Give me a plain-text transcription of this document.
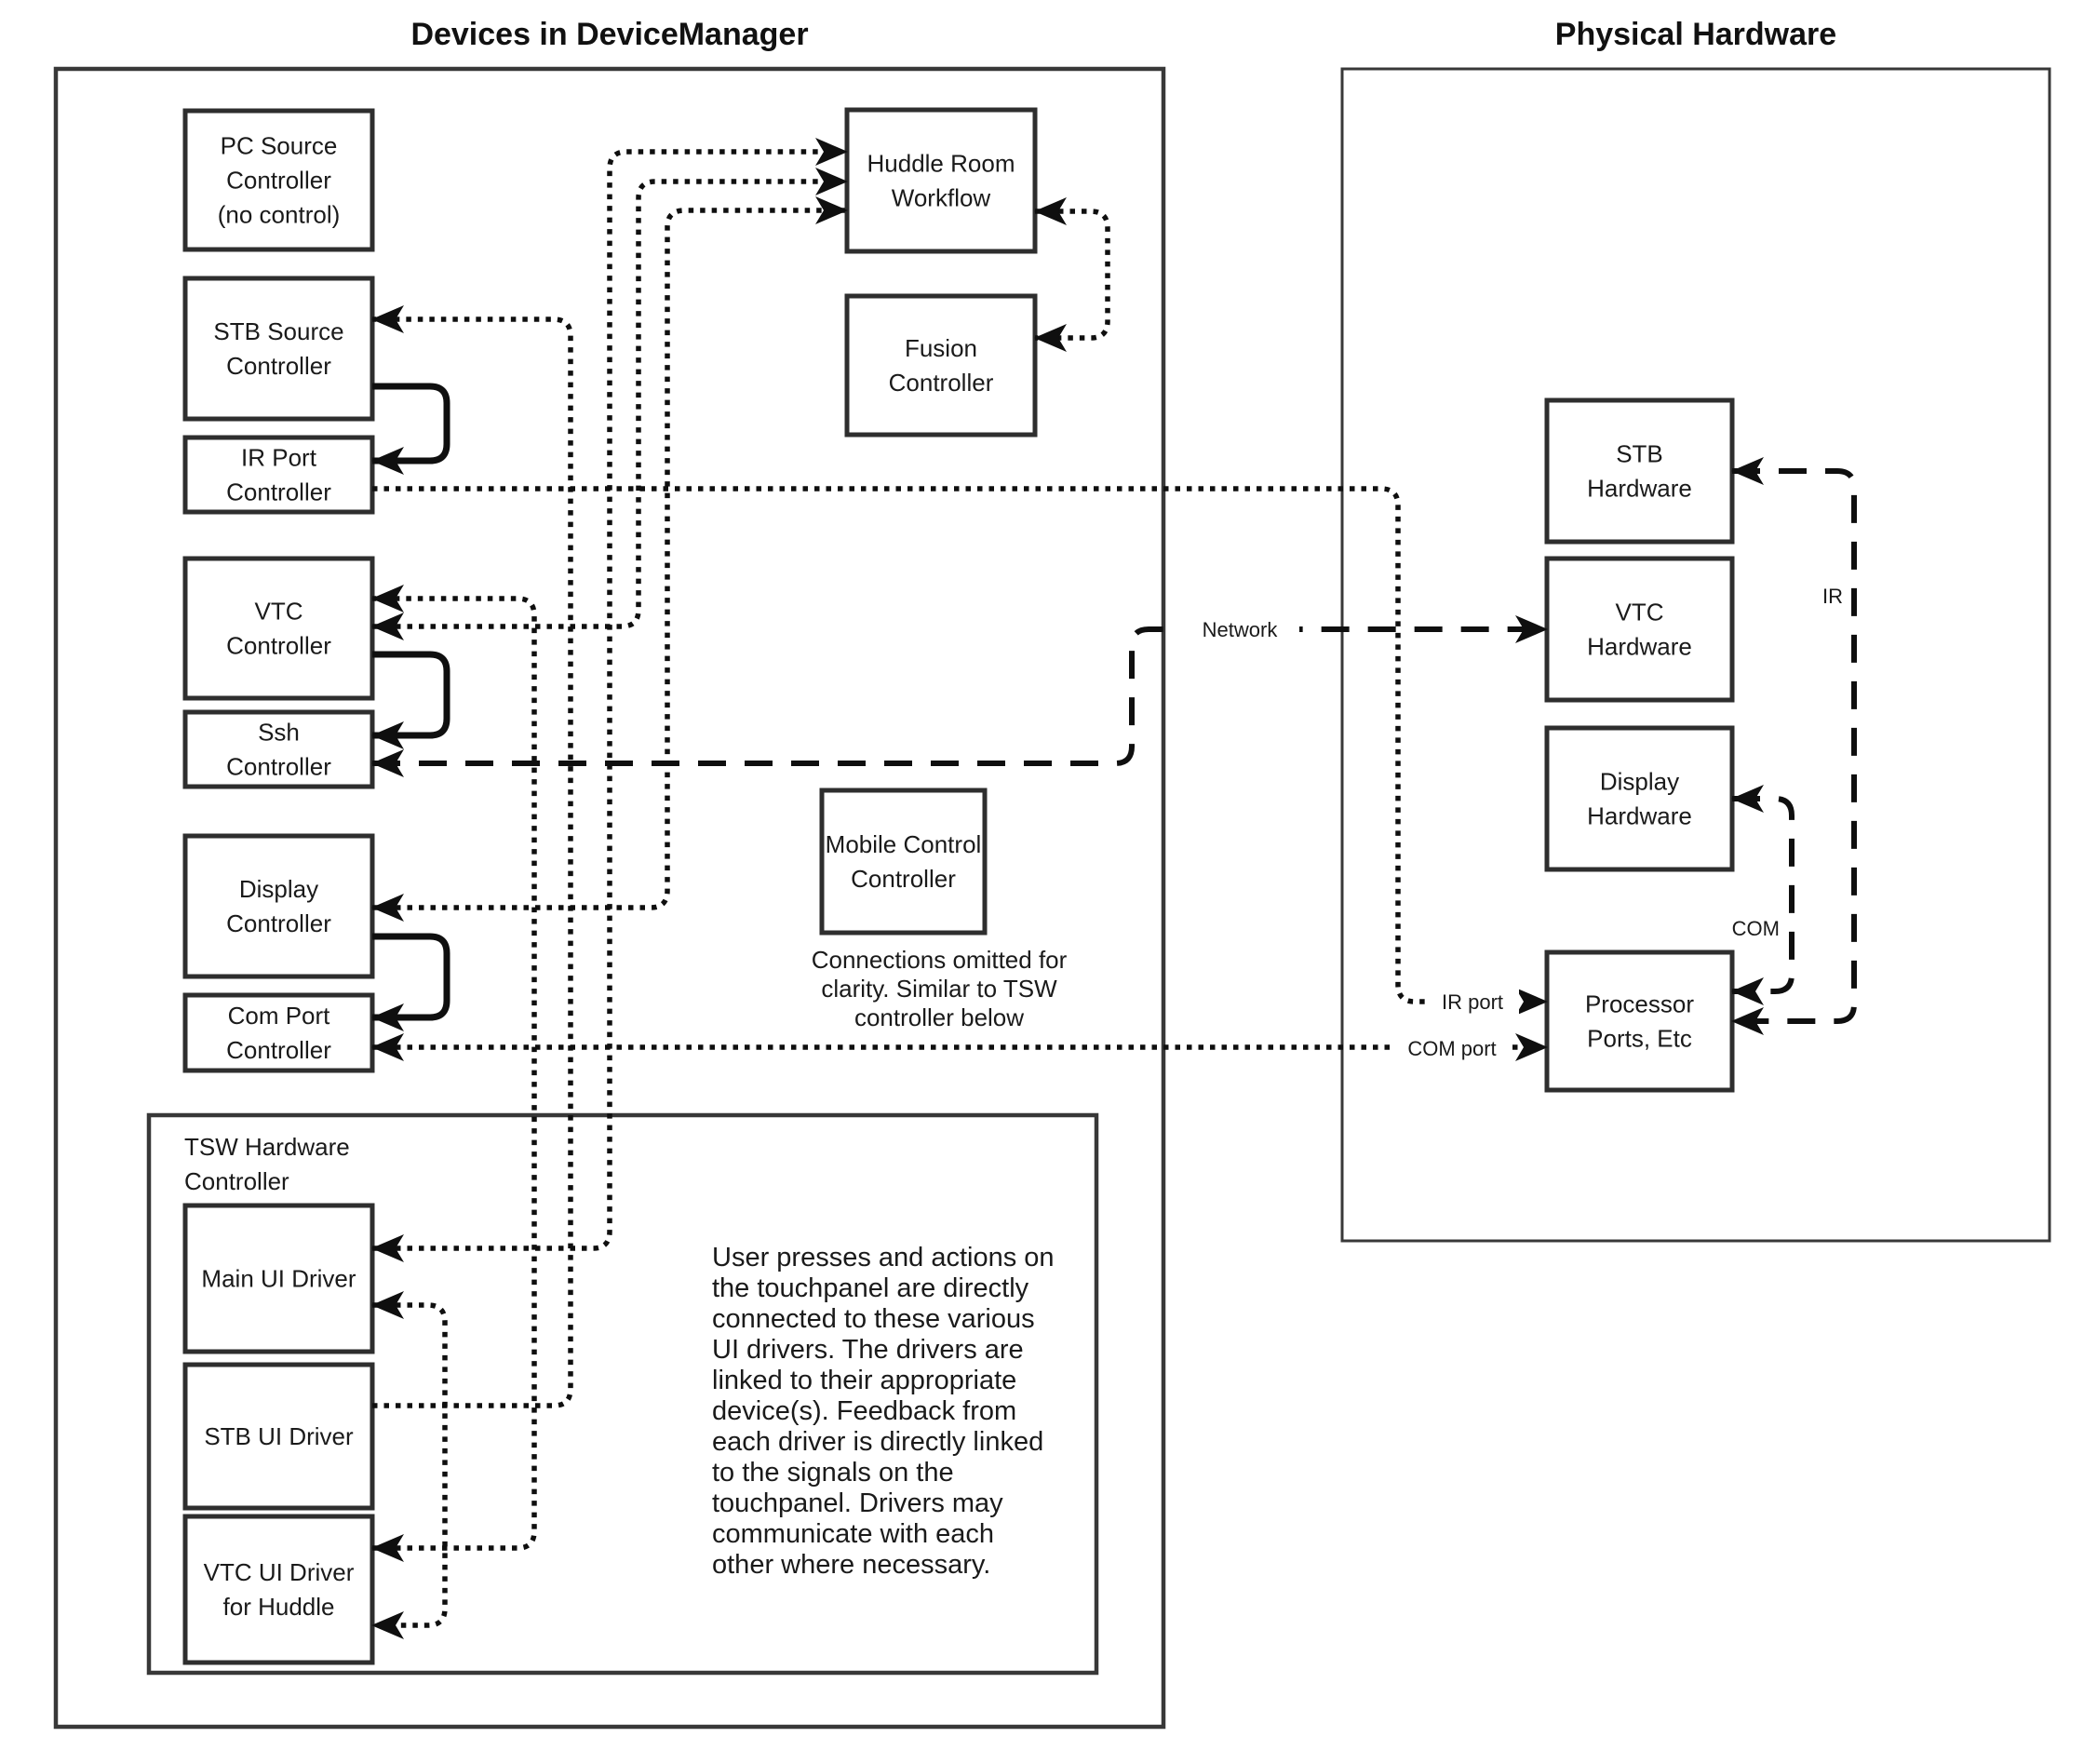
Devices in DeviceManager	Physical Hardware
TSW Hardware
Controller
PC Source
Controller
(no control)
STB Source
Controller
IR Port
Controller
VTC
Controller
Ssh
Controller
Display
Controller
Com Port
Controller
Main UI Driver
STB UI Driver
VTC UI Driver
for Huddle
Huddle Room
Workflow
Fusion
Controller
Mobile Control
Controller
STB
Hardware
VTC
Hardware
Display
Hardware
Processor
Ports, Etc
Network
IR port
COM port
IR
COM
User presses and actions on
the touchpanel are directly
connected to these various
UI drivers. The drivers are
linked to their appropriate
device(s). Feedback from
each driver is directly linked
to the signals on the
touchpanel. Drivers may
communicate with each
other where necessary.
Connections omitted for
clarity. Similar to TSW
controller below
